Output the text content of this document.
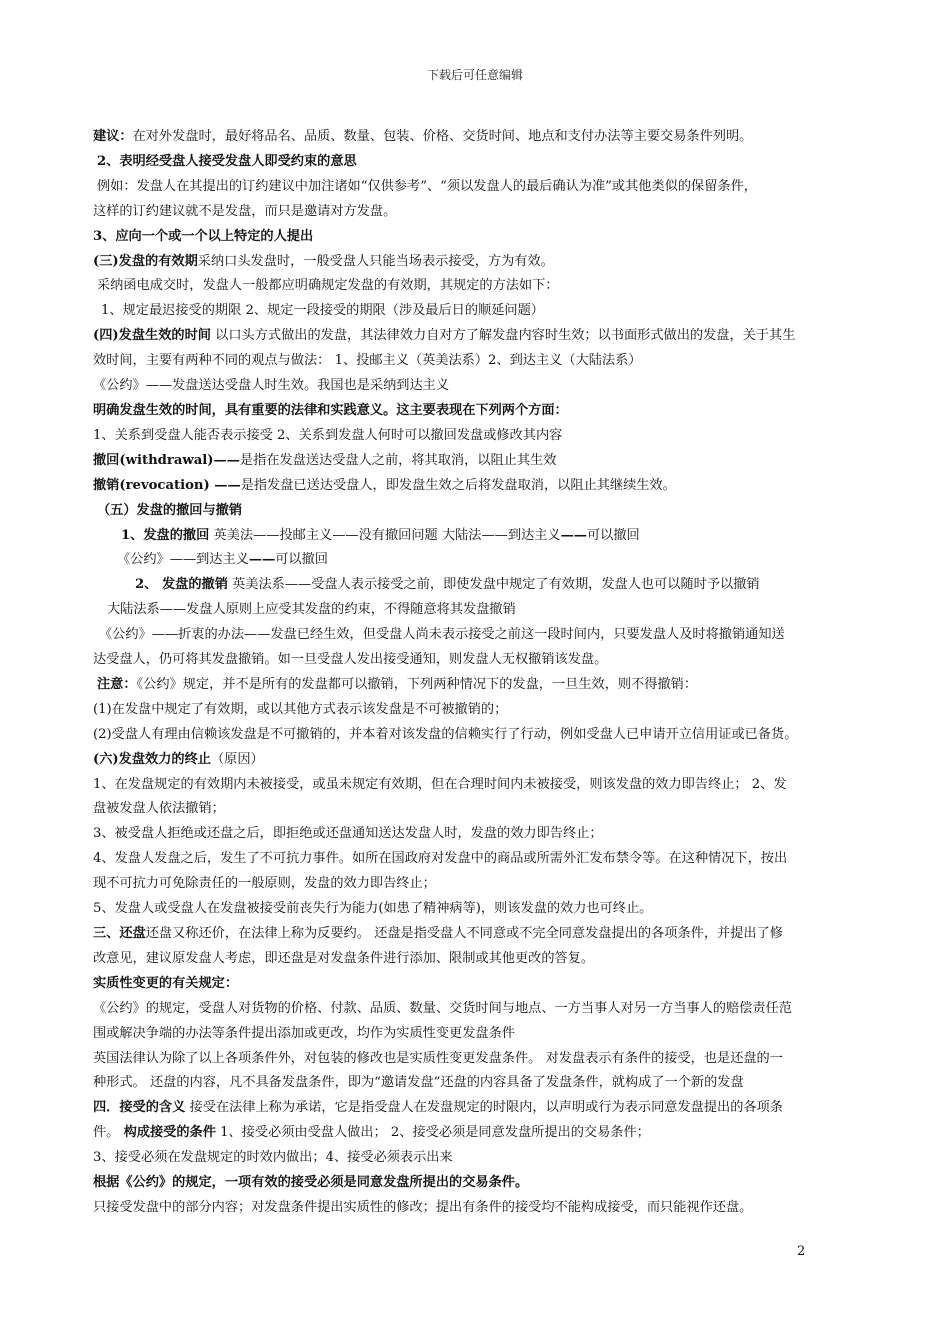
下载后可任意编辑
建议：在对外发盘时，最好将品名、品质、数量、包装、价格、交货时间、地点和支付办法等主要交易条件列明。
2、表明经受盘人接受发盘人即受约束的意思
例如：发盘人在其提出的订约建议中加注诸如“仅供参考”、“须以发盘人的最后确认为准”或其他类似的保留条件，
这样的订约建议就不是发盘，而只是邀请对方发盘。
3、应向一个或一个以上特定的人提出
(三)发盘的有效期采纳口头发盘时，一般受盘人只能当场表示接受，方为有效。
采纳函电成交时，发盘人一般都应明确规定发盘的有效期，其规定的方法如下：
1、规定最迟接受的期限 2、规定一段接受的期限（涉及最后日的顺延问题）
(四)发盘生效的时间 以口头方式做出的发盘，其法律效力自对方了解发盘内容时生效；以书面形式做出的发盘，关于其生
效时间，主要有两种不同的观点与做法： 1、投邮主义（英美法系）2、到达主义（大陆法系）
《公约》——发盘送达受盘人时生效。我国也是采纳到达主义
明确发盘生效的时间，具有重要的法律和实践意义。这主要表现在下列两个方面：
1、关系到受盘人能否表示接受 2、关系到发盘人何时可以撤回发盘或修改其内容
撤回(withdrawal)——是指在发盘送达受盘人之前，将其取消，以阻止其生效
撤销(revocation) ——是指发盘已送达受盘人，即发盘生效之后将发盘取消，以阻止其继续生效。
（五）发盘的撤回与撤销
1、发盘的撤回 英美法——投邮主义——没有撤回问题 大陆法——到达主义——可以撤回
《公约》——到达主义——可以撤回
2、 发盘的撤销 英美法系——受盘人表示接受之前，即使发盘中规定了有效期，发盘人也可以随时予以撤销
大陆法系——发盘人原则上应受其发盘的约束，不得随意将其发盘撤销
《公约》——折衷的办法——发盘已经生效，但受盘人尚未表示接受之前这一段时间内，只要发盘人及时将撤销通知送
达受盘人，仍可将其发盘撤销。如一旦受盘人发出接受通知，则发盘人无权撤销该发盘。
注意：《公约》规定，并不是所有的发盘都可以撤销，下列两种情况下的发盘，一旦生效，则不得撤销：
(1)在发盘中规定了有效期，或以其他方式表示该发盘是不可被撤销的；
(2)受盘人有理由信赖该发盘是不可撤销的，并本着对该发盘的信赖实行了行动，例如受盘人已申请开立信用证或已备货。
(六)发盘效力的终止（原因）
1、在发盘规定的有效期内未被接受，或虽未规定有效期，但在合理时间内未被接受，则该发盘的效力即告终止； 2、发
盘被发盘人依法撤销；
3、被受盘人拒绝或还盘之后，即拒绝或还盘通知送达发盘人时，发盘的效力即告终止；
4、发盘人发盘之后，发生了不可抗力事件。如所在国政府对发盘中的商品或所需外汇发布禁令等。在这种情况下，按出
现不可抗力可免除责任的一般原则，发盘的效力即告终止；
5、发盘人或受盘人在发盘被接受前丧失行为能力(如患了精神病等)，则该发盘的效力也可终止。
三、还盘还盘又称还价，在法律上称为反要约。 还盘是指受盘人不同意或不完全同意发盘提出的各项条件，并提出了修
改意见，建议原发盘人考虑，即还盘是对发盘条件进行添加、限制或其他更改的答复。
实质性变更的有关规定：
《公约》的规定，受盘人对货物的价格、付款、品质、数量、交货时间与地点、一方当事人对另一方当事人的赔偿责任范
围或解决争端的办法等条件提出添加或更改，均作为实质性变更发盘条件
英国法律认为除了以上各项条件外，对包装的修改也是实质性变更发盘条件。 对发盘表示有条件的接受，也是还盘的一
种形式。 还盘的内容，凡不具备发盘条件，即为“邀请发盘”还盘的内容具备了发盘条件，就构成了一个新的发盘
四．接受的含义 接受在法律上称为承诺，它是指受盘人在发盘规定的时限内，以声明或行为表示同意发盘提出的各项条
件。 构成接受的条件 1、接受必须由受盘人做出； 2、接受必须是同意发盘所提出的交易条件；
3、接受必须在发盘规定的时效内做出；4、接受必须表示出来
根据《公约》的规定，一项有效的接受必须是同意发盘所提出的交易条件。
只接受发盘中的部分内容；对发盘条件提出实质性的修改；提出有条件的接受均不能构成接受，而只能视作还盘。
2
